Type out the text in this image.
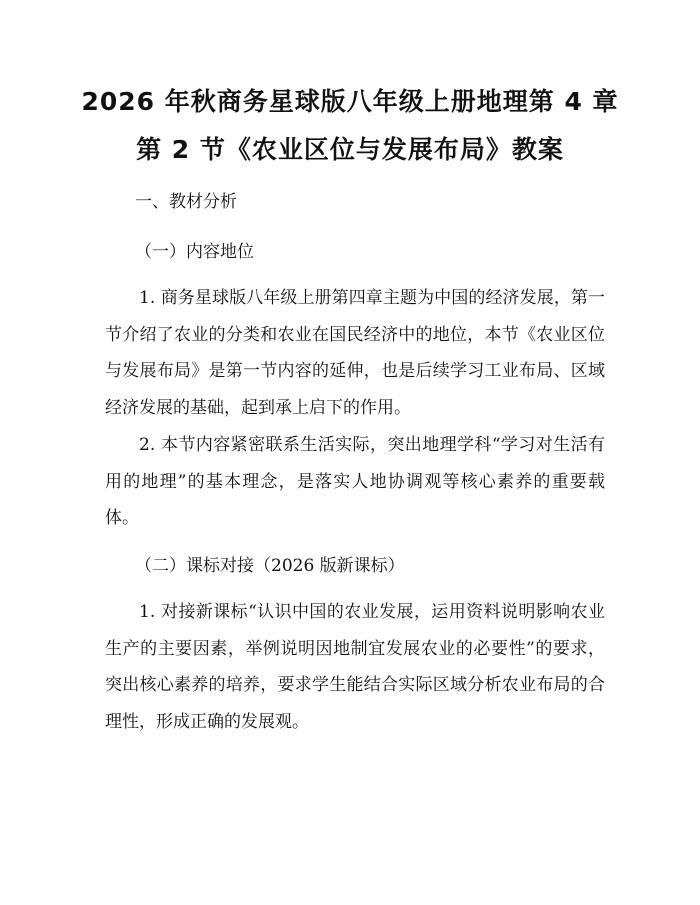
2026 年秋商务星球版八年级上册地理第 4 章
第 2 节《农业区位与发展布局》教案
一、教材分析
（一）内容地位

1. 商务星球版八年级上册第四章主题为中国的经济发展，第一节介绍了农业的分类和农业在国民经济中的地位，本节《农业区位与发展布局》是第一节内容的延伸，也是后续学习工业布局、区域经济发展的基础，起到承上启下的作用。

2. 本节内容紧密联系生活实际，突出地理学科“学习对生活有用的地理”的基本理念，是落实人地协调观等核心素养的重要载体。

（二）课标对接（2026 版新课标）

1. 对接新课标“认识中国的农业发展，运用资料说明影响农业生产的主要因素，举例说明因地制宜发展农业的必要性”的要求，突出核心素养的培养，要求学生能结合实际区域分析农业布局的合理性，形成正确的发展观。
